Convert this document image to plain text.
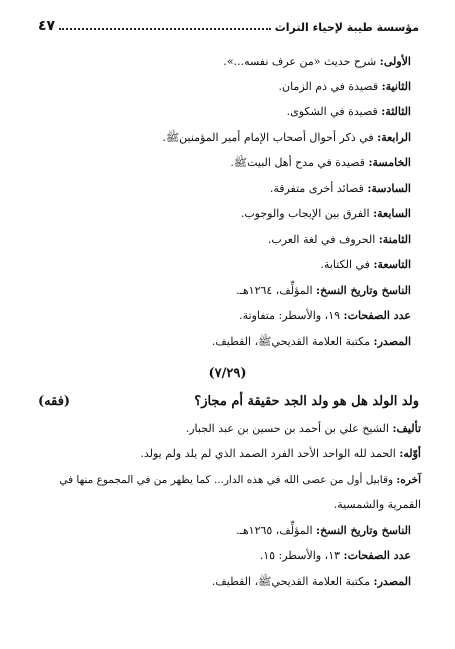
مؤسسة طيبة لإحياء التراث
٤٧
الأولى: شرح حديث «من عرف نفسه...».
الثانية: قصيدة في ذم الزمان.
الثالثة: قصيدة في الشكوى.
الرابعة: في ذكر أحوال أصحاب الإمام أمير المؤمنينﷺ.
الخامسة: قصيدة في مدح أهل البيتﷺ.
السادسة: قصائد أخرى متفرقة.
السابعة: الفرق بين الإيجاب والوجوب.
الثامنة: الحروف في لغة العرب.
التاسعة: في الكتابة.
الناسخ وتاريخ النسخ: المؤلِّف، ١٢٦٤هـ.
عدد الصفحات: ١٩، والأسطر: متفاوتة.
المصدر: مكتبة العلامة القديحيﷺ، القطيف.
(٧/٢٩)
ولد الولد هل هو ولد الجد حقيقة أم مجاز؟
(فقه)
تأليف: الشيخ علي بن أحمد بن حسين بن عبد الجبار.
أوّله: الحمد لله الواحد الأحد الفرد الصمد الذي لم يلد ولم يولد.
آخره: وقابيل أول من عصى الله في هذه الدار... كما يظهر من في المجموع منها في
القمرية والشمسية.
الناسخ وتاريخ النسخ: المؤلِّف، ١٢٦٥هـ.
عدد الصفحات: ١٣، والأسطر: ١٥.
المصدر: مكتبة العلامة القديحيﷺ، القطيف.
